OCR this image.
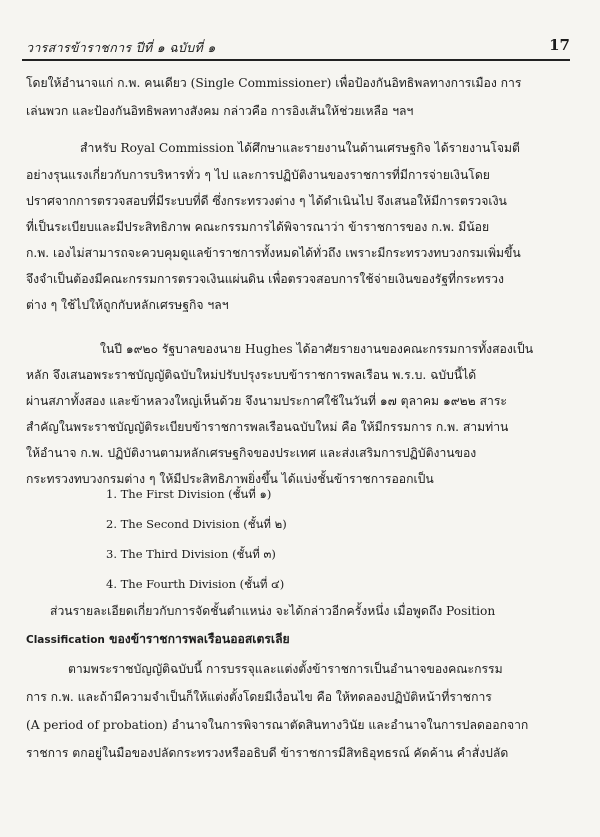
วารสารข้าราชการ ปีที่ ๑ ฉบับที่ ๑	17
โดยให้อำนาจแก่ ก.พ. คนเดียว (Single Commissioner) เพื่อป้องกันอิทธิพลทางการเมือง การ
เล่นพวก และป้องกันอิทธิพลทางสังคม กล่าวคือ การอิงเส้นให้ช่วยเหลือ ฯลฯ
สำหรับ Royal Commission ได้ศึกษาและรายงานในด้านเศรษฐกิจ ได้รายงานโจมตี
อย่างรุนแรงเกี่ยวกับการบริหารทั่ว ๆ ไป และการปฏิบัติงานของราชการที่มีการจ่ายเงินโดย
ปราศจากการตรวจสอบที่มีระบบที่ดี ซึ่งกระทรวงต่าง ๆ ได้ดำเนินไป จึงเสนอให้มีการตรวจเงิน
ที่เป็นระเบียบและมีประสิทธิภาพ คณะกรรมการได้พิจารณาว่า ข้าราชการของ ก.พ. มีน้อย
ก.พ. เองไม่สามารถจะควบคุมดูแลข้าราชการทั้งหมดได้ทั่วถึง เพราะมีกระทรวงทบวงกรมเพิ่มขึ้น
จึงจำเป็นต้องมีคณะกรรมการตรวจเงินแผ่นดิน เพื่อตรวจสอบการใช้จ่ายเงินของรัฐที่กระทรวง
ต่าง ๆ ใช้ไปให้ถูกกับหลักเศรษฐกิจ ฯลฯ
ในปี ๑๙๒๐ รัฐบาลของนาย Hughes ได้อาศัยรายงานของคณะกรรมการทั้งสองเป็น
หลัก จึงเสนอพระราชบัญญัติฉบับใหม่ปรับปรุงระบบข้าราชการพลเรือน พ.ร.บ. ฉบับนี้ได้
ผ่านสภาทั้งสอง และข้าหลวงใหญ่เห็นด้วย จึงนามประกาศใช้ในวันที่ ๑๗ ตุลาคม ๑๙๒๒ สาระ
สำคัญในพระราชบัญญัติระเบียบข้าราชการพลเรือนฉบับใหม่ คือ ให้มีกรรมการ ก.พ. สามท่าน
ให้อำนาจ ก.พ. ปฏิบัติงานตามหลักเศรษฐกิจของประเทศ และส่งเสริมการปฏิบัติงานของ
กระทรวงทบวงกรมต่าง ๆ ให้มีประสิทธิภาพยิ่งขึ้น ได้แบ่งชั้นข้าราชการออกเป็น
1. The First Division (ชั้นที่ ๑)
2. The Second Division (ชั้นที่ ๒)
3. The Third Division (ชั้นที่ ๓)
4. The Fourth Division (ชั้นที่ ๔)
ส่วนรายละเอียดเกี่ยวกับการจัดชั้นตำแหน่ง จะได้กล่าวอีกครั้งหนึ่ง เมื่อพูดถึง Position
Classification ของข้าราชการพลเรือนออสเตรเลีย
ตามพระราชบัญญัติฉบับนี้ การบรรจุและแต่งตั้งข้าราชการเป็นอำนาจของคณะกรรม
การ ก.พ. และถ้ามีความจำเป็นก็ให้แต่งตั้งโดยมีเงื่อนไข คือ ให้ทดลองปฏิบัติหน้าที่ราชการ
(A period of probation) อำนาจในการพิจารณาตัดสินทางวินัย และอำนาจในการปลดออกจาก
ราชการ ตกอยู่ในมือของปลัดกระทรวงหรืออธิบดี ข้าราชการมีสิทธิอุทธรณ์ คัดค้าน คำสั่งปลัด
